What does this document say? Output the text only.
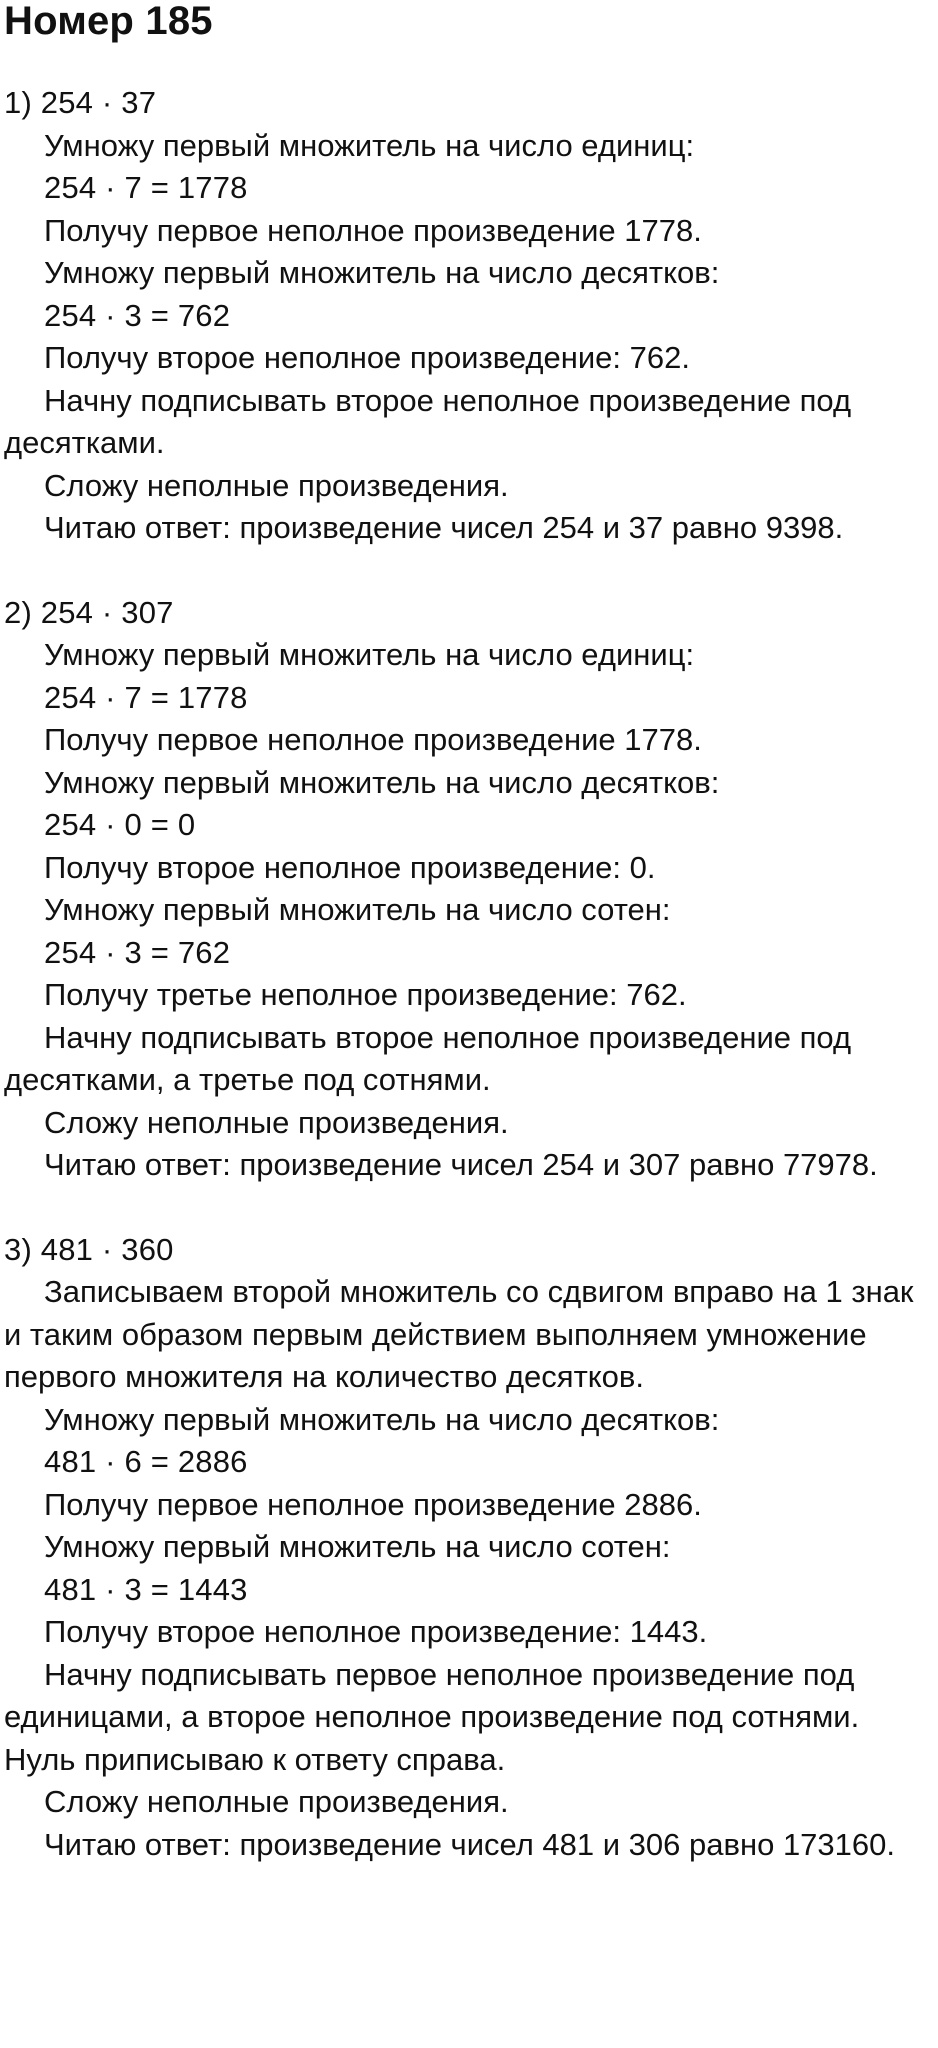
Номер 185
1) 254 · 37
Умножу первый множитель на число единиц:
254 · 7 = 1778
Получу первое неполное произведение 1778.
Умножу первый множитель на число десятков:
254 · 3 = 762
Получу второе неполное произведение: 762.

Начну подписывать второе неполное произведение под десятками.

Сложу неполные произведения.

Читаю ответ: произведение чисел 254 и 37 равно 9398.

2) 254 · 307
Умножу первый множитель на число единиц:
254 · 7 = 1778
Получу первое неполное произведение 1778.
Умножу первый множитель на число десятков:
254 · 0 = 0
Получу второе неполное произведение: 0.
Умножу первый множитель на число сотен:
254 · 3 = 762
Получу третье неполное произведение: 762.

Начну подписывать второе неполное произведение под десятками, а третье под сотнями.

Сложу неполные произведения.

Читаю ответ: произведение чисел 254 и 307 равно 77978.

3) 481 · 360

Записываем второй множитель со сдвигом вправо на 1 знак и таким образом первым действием выполняем умножение первого множителя на количество десятков.

Умножу первый множитель на число десятков:
481 · 6 = 2886
Получу первое неполное произведение 2886.
Умножу первый множитель на число сотен:
481 · 3 = 1443
Получу второе неполное произведение: 1443.

Начну подписывать первое неполное произведение под единицами, а второе неполное произведение под сотнями. Нуль приписываю к ответу справа.

Сложу неполные произведения.

Читаю ответ: произведение чисел 481 и 306 равно 173160.
